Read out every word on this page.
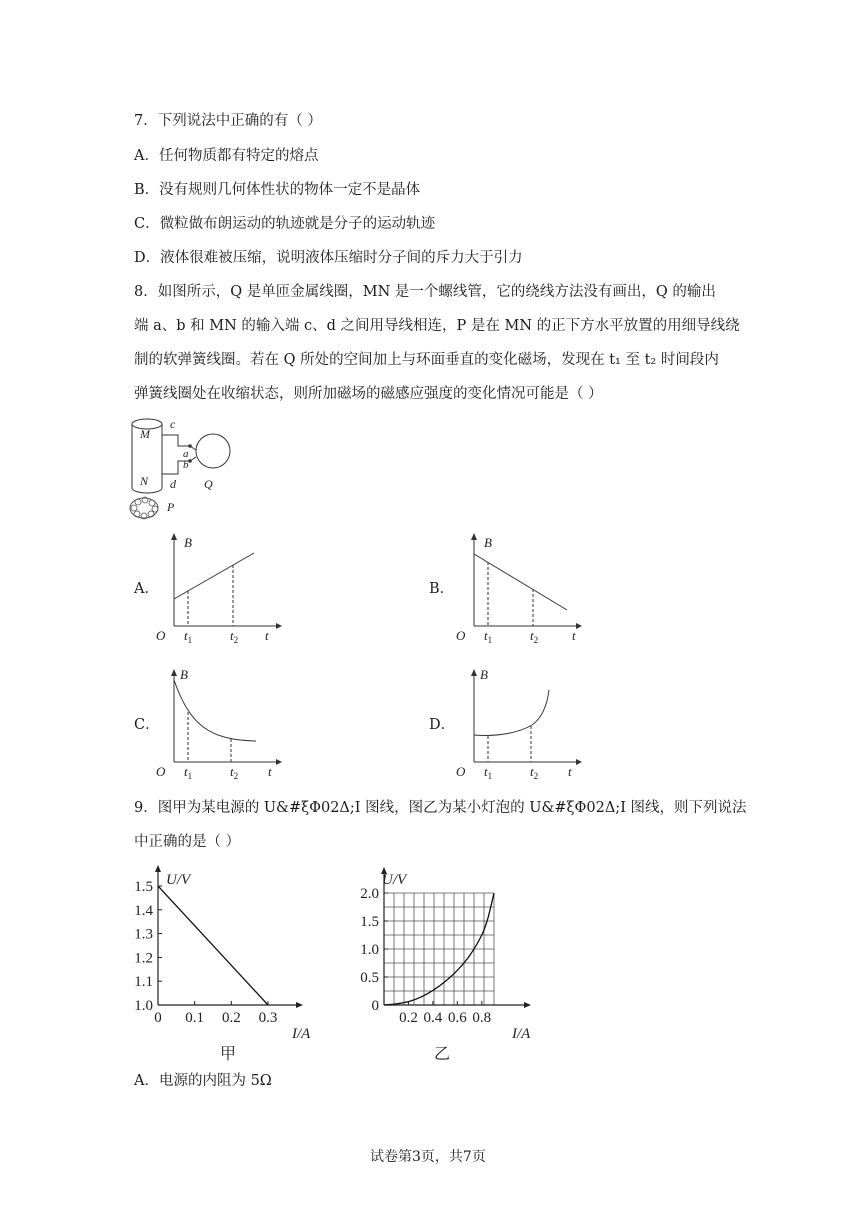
7．下列说法中正确的有（ ）
A．任何物质都有特定的熔点
B．没有规则几何体性状的物体一定不是晶体
C．微粒做布朗运动的轨迹就是分子的运动轨迹
D．液体很难被压缩，说明液体压缩时分子间的斥力大于引力
8．如图所示，Q 是单匝金属线圈，MN 是一个螺线管，它的绕线方法没有画出，Q 的输出
端 a、b 和 MN 的输入端 c、d 之间用导线相连，P 是在 MN 的正下方水平放置的用细导线绕
制的软弹簧线圈。若在 Q 所处的空间加上与环面垂直的变化磁场，发现在 t₁ 至 t₂ 时间段内
弹簧线圈处在收缩状态，则所加磁场的磁感应强度的变化情况可能是（ ）
M
N
c
a
b
d Q
P
A．	B．
C．	D．
B
t
O $t_1$	$t_2$
B
t
O $t_1$	$t_2$
B
t
O $t_1$	$t_2$
B
t
O $t_1$	$t_2$
9．图甲为某电源的 U&#ξΦ02Δ;I 图线，图乙为某小灯泡的 U&#ξΦ02Δ;I 图线，则下列说法
中正确的是（ ）
1.0
1.1
1.2
1.3
1.4
1.5
0 0.1 0.2 0.3
U/V
I/A
甲
0
0.5
1.0
1.5
2.0
0.2 0.4 0.6 0.8
U/V
I/A
乙
A．电源的内阻为 5Ω
试卷第3页，共7页
